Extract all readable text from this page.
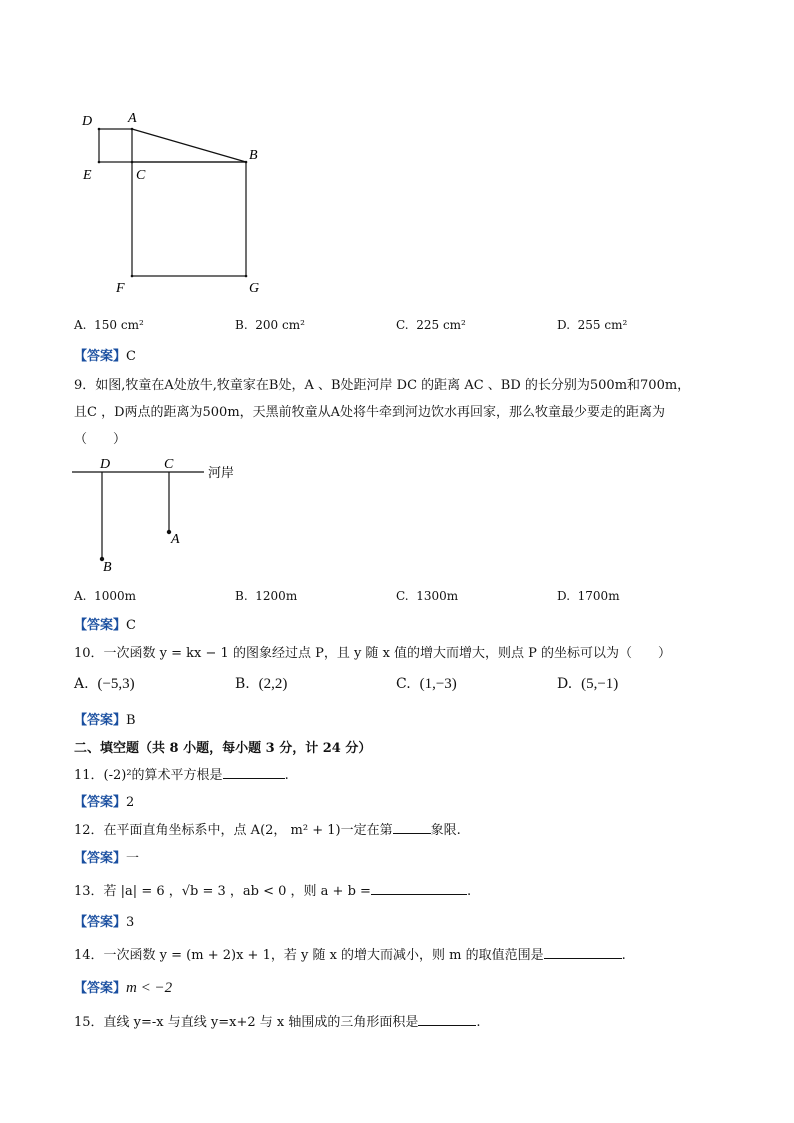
D	A
B
E	C
F	G
A. 150 cm²	B. 200 cm²	C. 225 cm²	D. 255 cm²
【答案】C
9．如图,牧童在A处放牛,牧童家在B处，A 、B处距河岸 DC 的距离 AC 、BD 的长分别为500m和700m，
且C ，D两点的距离为500m，天黑前牧童从A处将牛牵到河边饮水再回家，那么牧童最少要走的距离为
（　　）
D	C
河岸
A
B
A. 1000m	B. 1200m	C. 1300m	D. 1700m
【答案】C
10．一次函数 y = kx − 1 的图象经过点 P，且 y 随 x 值的增大而增大，则点 P 的坐标可以为（　　）
A. (−5,3)	B. (2,2)	C. (1,−3)	D. (5,−1)
【答案】B
二、填空题（共 8 小题，每小题 3 分，计 24 分）
11．(-2)²的算术平方根是	.
【答案】2
12．在平面直角坐标系中，点 A(2， m² + 1)一定在第	象限.
【答案】一
13．若 |a| = 6 ，√b = 3 ，ab < 0 ，则 a + b =	.
【答案】3
14．一次函数 y = (m + 2)x + 1，若 y 随 x 的增大而减小，则 m 的取值范围是	.
【答案】m < −2
15．直线 y=-x 与直线 y=x+2 与 x 轴围成的三角形面积是	.
